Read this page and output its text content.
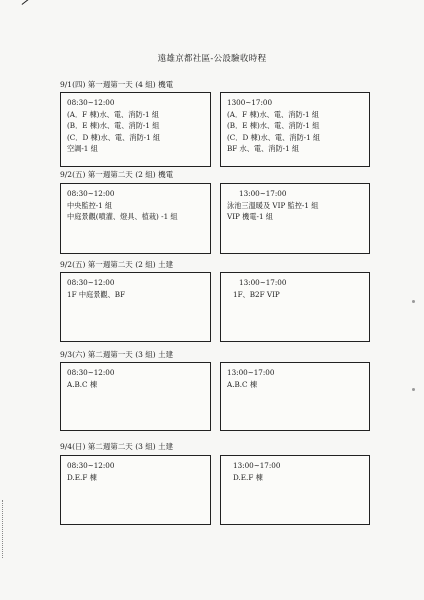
遠雄京都社區-公設驗收時程
9/1(四) 第一週第一天 (4 組) 機電
08:30~12:00
(A．F 棟)水、電、消防-1 組
(B．E 棟)水、電、消防-1 組
(C．D 棟)水、電、消防-1 組
空調-1 組
1300~17:00
(A．F 棟)水、電、消防-1 組
(B．E 棟)水、電、消防-1 組
(C．D 棟)水、電、消防-1 組
BF 水、電、消防-1 組
9/2(五) 第一週第二天 (2 組) 機電
08:30~12:00
中央監控-1 組
中庭景觀(噴灌、燈具、植栽) -1 組
13:00~17:00
泳池三溫暖及 VIP 監控-1 組
VIP 機電-1 組
9/2(五) 第一週第二天 (2 組) 土建
08:30~12:00
1F 中庭景觀、BF
13:00~17:00
1F、B2F VIP
9/3(六) 第二週第一天 (3 組) 土建
08:30~12:00
A.B.C 棟
13:00~17:00
A.B.C 棟
9/4(日) 第二週第二天 (3 組) 土建
08:30~12:00
D.E.F 棟
13:00~17:00
D.E.F 棟
